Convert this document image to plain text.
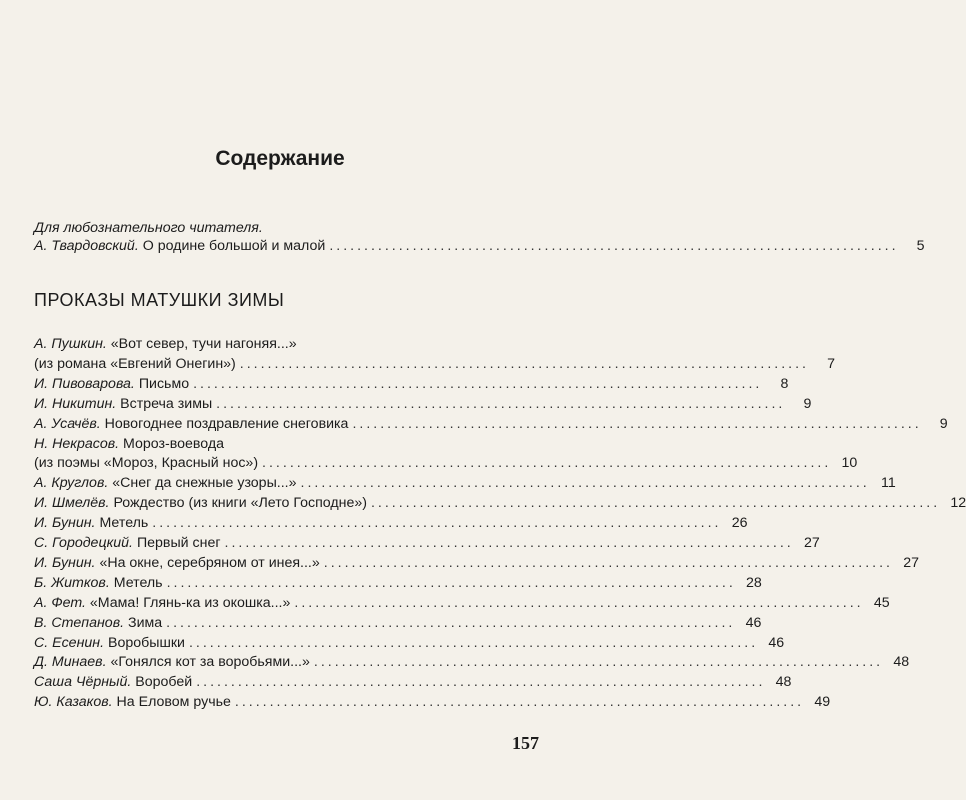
Содержание
Для любознательного читателя.
А. Твардовский. О родине большой и малой ..................................................................................	5
ПРОКАЗЫ МАТУШКИ ЗИМЫ
А. Пушкин. «Вот север, тучи нагоняя...»
(из романа «Евгений Онегин») ..................................................................................	7
И. Пивоварова. Письмо ..................................................................................	8
И. Никитин. Встреча зимы ..................................................................................	9
А. Усачёв. Новогоднее поздравление снеговика ..................................................................................	9
Н. Некрасов. Мороз-воевода
(из поэмы «Мороз, Красный нос») .................................................................................. 10
А. Круглов. «Снег да снежные узоры...» .................................................................................. 11
И. Шмелёв. Рождество (из книги «Лето Господне») .................................................................................. 12
И. Бунин. Метель .................................................................................. 26
С. Городецкий. Первый снег .................................................................................. 27
И. Бунин. «На окне, серебряном от инея...» .................................................................................. 27
Б. Житков. Метель .................................................................................. 28
А. Фет. «Мама! Глянь-ка из окошка...» .................................................................................. 45
В. Степанов. Зима .................................................................................. 46
С. Есенин. Воробышки .................................................................................. 46
Д. Минаев. «Гонялся кот за воробьями...» .................................................................................. 48
Саша Чёрный. Воробей .................................................................................. 48
Ю. Казаков. На Еловом ручье .................................................................................. 49
157
